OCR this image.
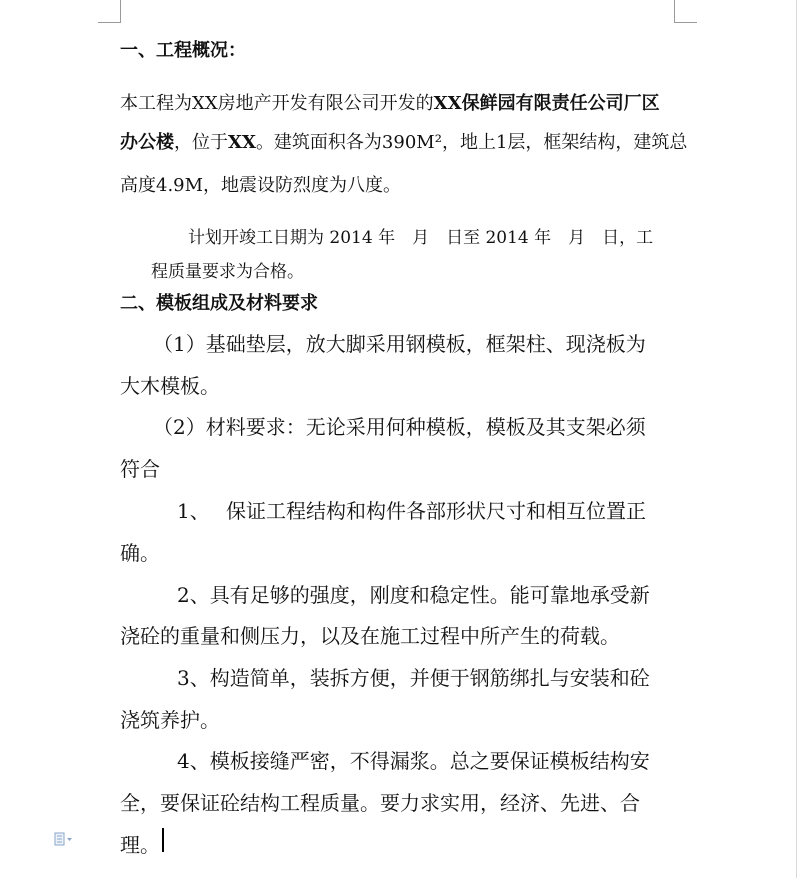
一、工程概况：
本工程为XX房地产开发有限公司开发的XX保鲜园有限责任公司厂区
办公楼，位于XX。建筑面积各为390M²，地上1层，框架结构，建筑总
高度4.9M，地震设防烈度为八度。
计划开竣工日期为 2014 年　月　日至 2014 年　月　日，工
程质量要求为合格。
二、模板组成及材料要求
（1）基础垫层，放大脚采用钢模板，框架柱、现浇板为
大木模板。
（2）材料要求：无论采用何种模板，模板及其支架必须
符合
1、 保证工程结构和构件各部形状尺寸和相互位置正
确。
2、具有足够的强度，刚度和稳定性。能可靠地承受新
浇砼的重量和侧压力，以及在施工过程中所产生的荷载。
3、构造简单，装拆方便，并便于钢筋绑扎与安装和砼
浇筑养护。
4、模板接缝严密，不得漏浆。总之要保证模板结构安
全，要保证砼结构工程质量。要力求实用，经济、先进、合
理。
